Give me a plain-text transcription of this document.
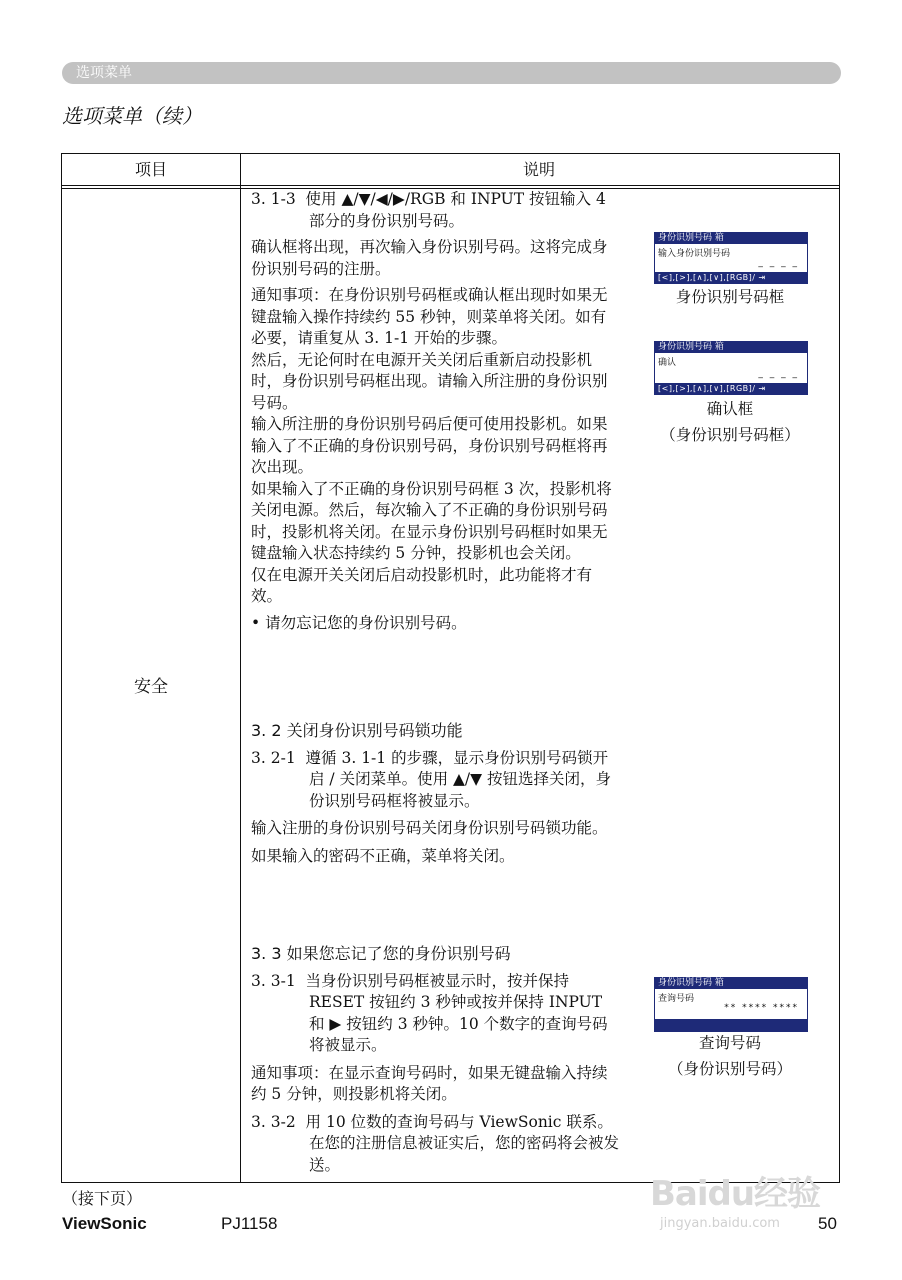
选项菜单
选项菜单（续）
项目	说明
安全

3. 1-3 使用 ▲/▼/◀/▶/RGB 和 INPUT 按钮输入 4 部分的身份识别号码。

确认框将出现，再次输入身份识别号码。这将完成身份识别号码的注册。

通知事项：在身份识别号码框或确认框出现时如果无键盘输入操作持续约 55 秒钟，则菜单将关闭。如有必要，请重复从 3. 1-1 开始的步骤。

然后，无论何时在电源开关关闭后重新启动投影机时，身份识别号码框出现。请输入所注册的身份识别号码。

输入所注册的身份识别号码后便可使用投影机。如果输入了不正确的身份识别号码，身份识别号码框将再次出现。

如果输入了不正确的身份识别号码框 3 次，投影机将关闭电源。然后，每次输入了不正确的身份识别号码时，投影机将关闭。在显示身份识别号码框时如果无键盘输入状态持续约 5 分钟，投影机也会关闭。

仅在电源开关关闭后启动投影机时，此功能将才有效。

• 请勿忘记您的身份识别号码。

3. 2 关闭身份识别号码锁功能

3. 2-1 遵循 3. 1-1 的步骤，显示身份识别号码锁开启 / 关闭菜单。使用 ▲/▼ 按钮选择关闭，身份识别号码框将被显示。

输入注册的身份识别号码关闭身份识别号码锁功能。

如果输入的密码不正确，菜单将关闭。

3. 3 如果您忘记了您的身份识别号码

3. 3-1 当身份识别号码框被显示时，按并保持 RESET 按钮约 3 秒钟或按并保持 INPUT 和 ▶ 按钮约 3 秒钟。10 个数字的查询号码将被显示。

通知事项：在显示查询号码时，如果无键盘输入持续约 5 分钟，则投影机将关闭。

3. 3-2 用 10 位数的查询号码与 ViewSonic 联系。在您的注册信息被证实后，您的密码将会被发送。

身份识别号码 箱
输入身份识别号码
_ _ _ _
[<],[>],[∧],[∨],[RGB]/ ⇥
身份识别号码框
身份识别号码 箱
确认
_ _ _ _
[<],[>],[∧],[∨],[RGB]/ ⇥
确认框
（身份识别号码框）
身份识别号码 箱
查询号码
** **** ****
查询号码
（身份识别号码）
（接下页）
ViewSonic	PJ1158	50
Baidu经验
jingyan.baidu.com
